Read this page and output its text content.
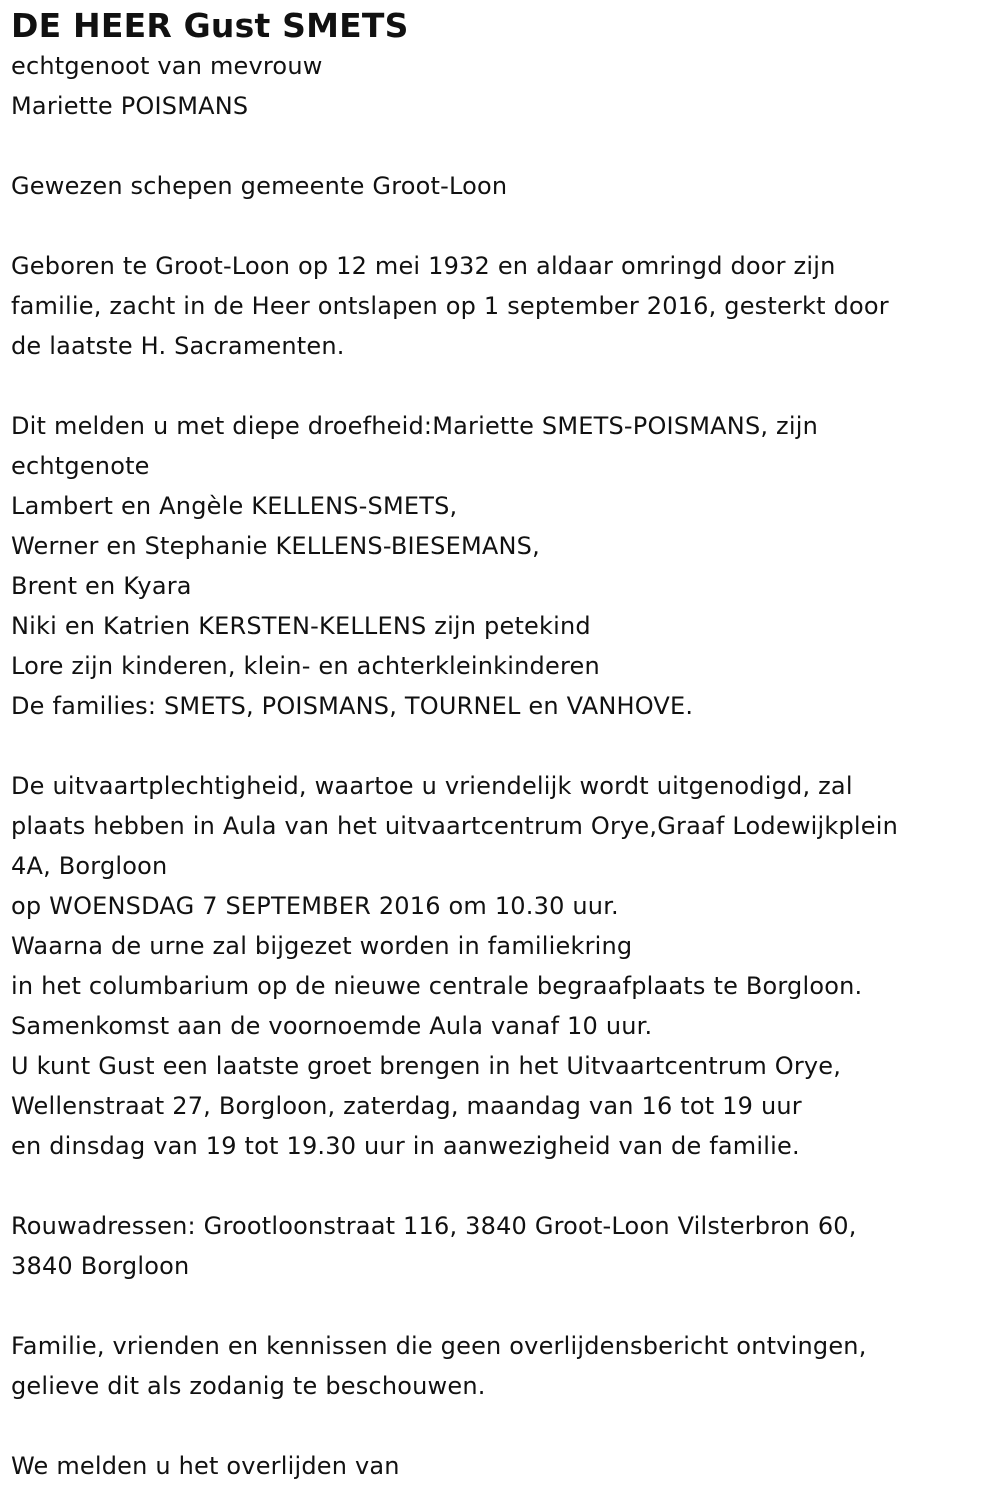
DE HEER Gust SMETS
echtgenoot van mevrouw
Mariette POISMANS
Gewezen schepen gemeente Groot-Loon
Geboren te Groot-Loon op 12 mei 1932 en aldaar omringd door zijn
familie, zacht in de Heer ontslapen op 1 september 2016, gesterkt door
de laatste H. Sacramenten.
Dit melden u met diepe droefheid:Mariette SMETS-POISMANS, zijn
echtgenote
Lambert en Angèle KELLENS-SMETS,
Werner en Stephanie KELLENS-BIESEMANS,
Brent en Kyara
Niki en Katrien KERSTEN-KELLENS zijn petekind
Lore zijn kinderen, klein- en achterkleinkinderen
De families: SMETS, POISMANS, TOURNEL en VANHOVE.
De uitvaartplechtigheid, waartoe u vriendelijk wordt uitgenodigd, zal
plaats hebben in Aula van het uitvaartcentrum Orye,Graaf Lodewijkplein
4A, Borgloon
op WOENSDAG 7 SEPTEMBER 2016 om 10.30 uur.
Waarna de urne zal bijgezet worden in familiekring
in het columbarium op de nieuwe centrale begraafplaats te Borgloon.
Samenkomst aan de voornoemde Aula vanaf 10 uur.
U kunt Gust een laatste groet brengen in het Uitvaartcentrum Orye,
Wellenstraat 27, Borgloon, zaterdag, maandag van 16 tot 19 uur
en dinsdag van 19 tot 19.30 uur in aanwezigheid van de familie.
Rouwadressen: Grootloonstraat 116, 3840 Groot-Loon Vilsterbron 60,
3840 Borgloon
Familie, vrienden en kennissen die geen overlijdensbericht ontvingen,
gelieve dit als zodanig te beschouwen.
We melden u het overlijden van
